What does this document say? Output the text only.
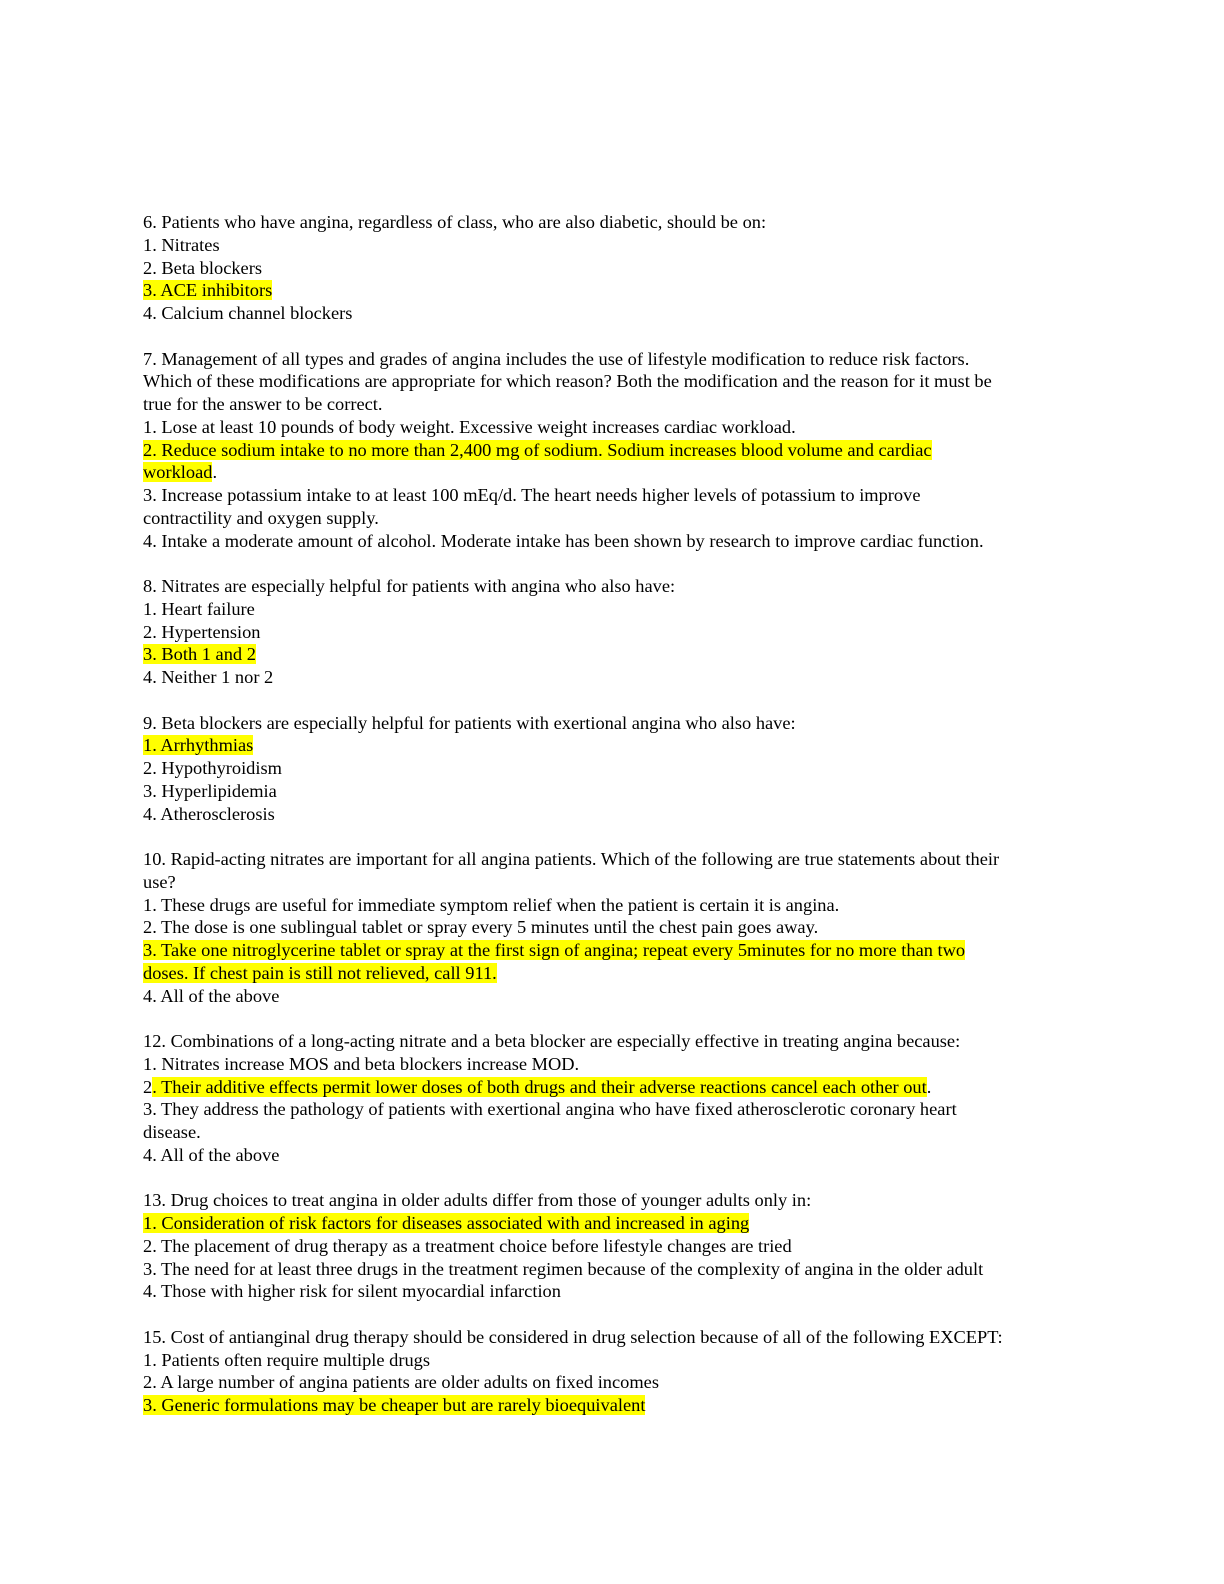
6. Patients who have angina, regardless of class, who are also diabetic, should be on:
1. Nitrates
2. Beta blockers
3. ACE inhibitors
4. Calcium channel blockers
7. Management of all types and grades of angina includes the use of lifestyle modification to reduce risk factors.
Which of these modifications are appropriate for which reason? Both the modification and the reason for it must be
true for the answer to be correct.
1. Lose at least 10 pounds of body weight. Excessive weight increases cardiac workload.
2. Reduce sodium intake to no more than 2,400 mg of sodium. Sodium increases blood volume and cardiac
workload.
3. Increase potassium intake to at least 100 mEq/d. The heart needs higher levels of potassium to improve
contractility and oxygen supply.
4. Intake a moderate amount of alcohol. Moderate intake has been shown by research to improve cardiac function.
8. Nitrates are especially helpful for patients with angina who also have:
1. Heart failure
2. Hypertension
3. Both 1 and 2
4. Neither 1 nor 2
9. Beta blockers are especially helpful for patients with exertional angina who also have:
1. Arrhythmias
2. Hypothyroidism
3. Hyperlipidemia
4. Atherosclerosis
10. Rapid-acting nitrates are important for all angina patients. Which of the following are true statements about their
use?
1. These drugs are useful for immediate symptom relief when the patient is certain it is angina.
2. The dose is one sublingual tablet or spray every 5 minutes until the chest pain goes away.
3. Take one nitroglycerine tablet or spray at the first sign of angina; repeat every 5minutes for no more than two
doses. If chest pain is still not relieved, call 911.
4. All of the above
12. Combinations of a long-acting nitrate and a beta blocker are especially effective in treating angina because:
1. Nitrates increase MOS and beta blockers increase MOD.
2. Their additive effects permit lower doses of both drugs and their adverse reactions cancel each other out.
3. They address the pathology of patients with exertional angina who have fixed atherosclerotic coronary heart
disease.
4. All of the above
13. Drug choices to treat angina in older adults differ from those of younger adults only in:
1. Consideration of risk factors for diseases associated with and increased in aging
2. The placement of drug therapy as a treatment choice before lifestyle changes are tried
3. The need for at least three drugs in the treatment regimen because of the complexity of angina in the older adult
4. Those with higher risk for silent myocardial infarction
15. Cost of antianginal drug therapy should be considered in drug selection because of all of the following EXCEPT:
1. Patients often require multiple drugs
2. A large number of angina patients are older adults on fixed incomes
3. Generic formulations may be cheaper but are rarely bioequivalent
